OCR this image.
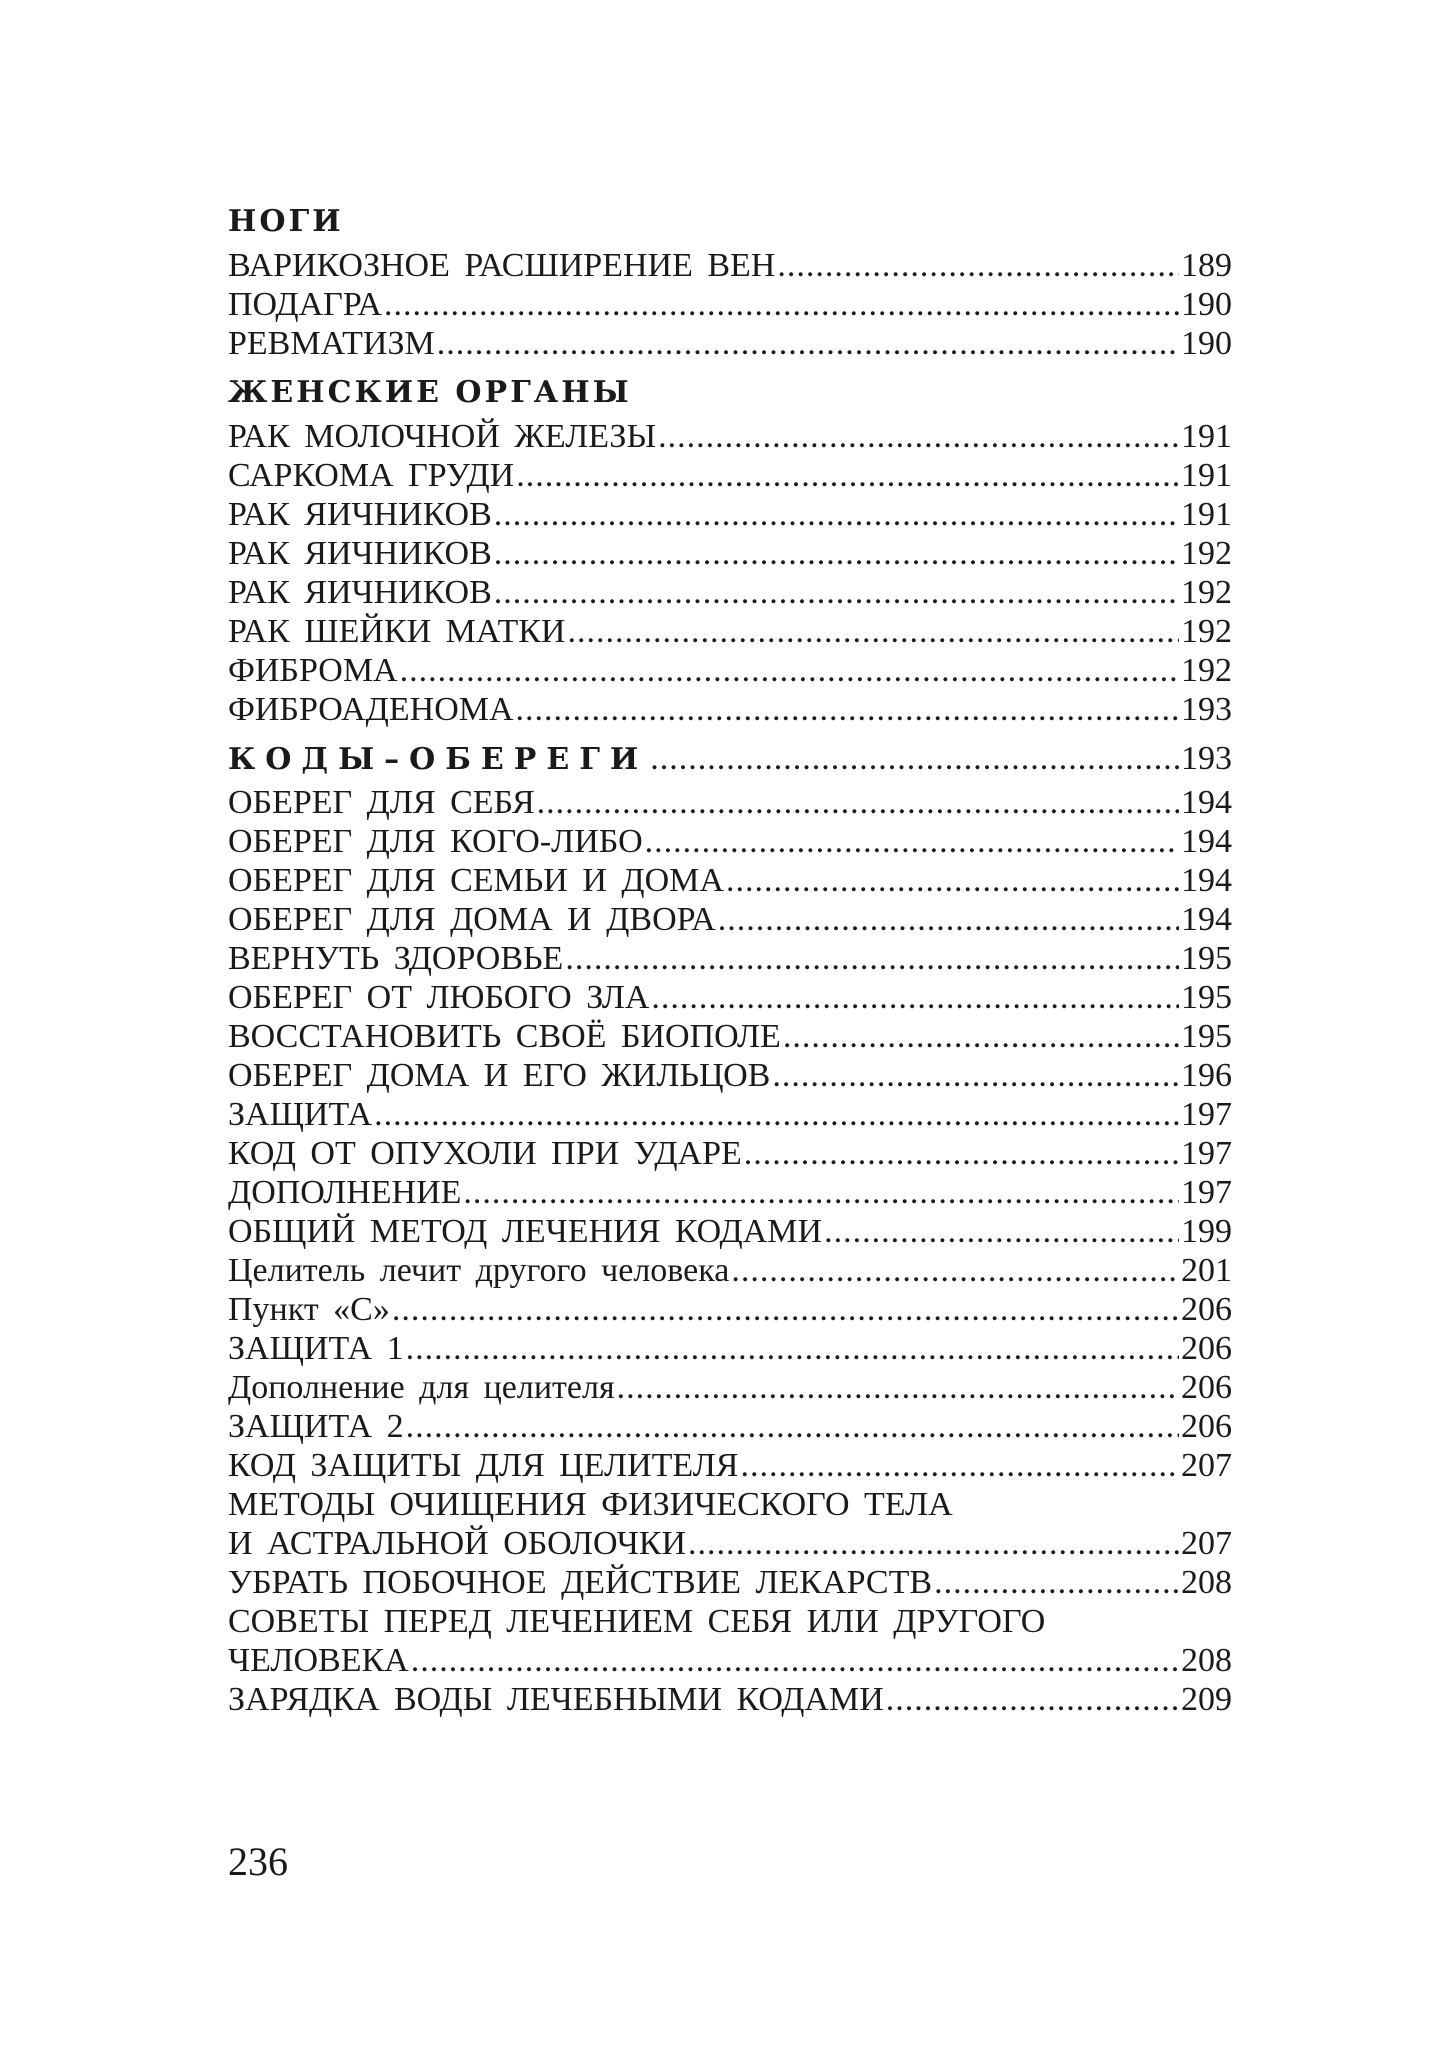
НОГИ
ВАРИКОЗНОЕ РАСШИРЕНИЕ ВЕН .....	189
ПОДАГРА .....	190
РЕВМАТИЗМ .....	190
ЖЕНСКИЕ ОРГАНЫ
РАК МОЛОЧНОЙ ЖЕЛЕЗЫ .....	191
САРКОМА ГРУДИ .....	191
РАК ЯИЧНИКОВ .....	191
РАК ЯИЧНИКОВ .....	192
РАК ЯИЧНИКОВ .....	192
РАК ШЕЙКИ МАТКИ .....	192
ФИБРОМА .....	192
ФИБРОАДЕНОМА .....	193
КОДЫ–ОБЕРЕГИ .....	193
ОБЕРЕГ ДЛЯ СЕБЯ .....	194
ОБЕРЕГ ДЛЯ КОГО-ЛИБО .....	194
ОБЕРЕГ ДЛЯ СЕМЬИ И ДОМА .....	194
ОБЕРЕГ ДЛЯ ДОМА И ДВОРА .....	194
ВЕРНУТЬ ЗДОРОВЬЕ .....	195
ОБЕРЕГ ОТ ЛЮБОГО ЗЛА .....	195
ВОССТАНОВИТЬ СВОЁ БИОПОЛЕ .....	195
ОБЕРЕГ ДОМА И ЕГО ЖИЛЬЦОВ .....	196
ЗАЩИТА .....	197
КОД ОТ ОПУХОЛИ ПРИ УДАРЕ .....	197
ДОПОЛНЕНИЕ .....	197
ОБЩИЙ МЕТОД ЛЕЧЕНИЯ КОДАМИ .....	199
Целитель лечит другого человека .....	201
Пункт «С» .....	206
ЗАЩИТА 1 .....	206
Дополнение для целителя .....	206
ЗАЩИТА 2 .....	206
КОД ЗАЩИТЫ ДЛЯ ЦЕЛИТЕЛЯ .....	207
МЕТОДЫ ОЧИЩЕНИЯ ФИЗИЧЕСКОГО ТЕЛА
И АСТРАЛЬНОЙ ОБОЛОЧКИ .....	207
УБРАТЬ ПОБОЧНОЕ ДЕЙСТВИЕ ЛЕКАРСТВ .....	208
СОВЕТЫ ПЕРЕД ЛЕЧЕНИЕМ СЕБЯ ИЛИ ДРУГОГО
ЧЕЛОВЕКА .....	208
ЗАРЯДКА ВОДЫ ЛЕЧЕБНЫМИ КОДАМИ .....	209
236
